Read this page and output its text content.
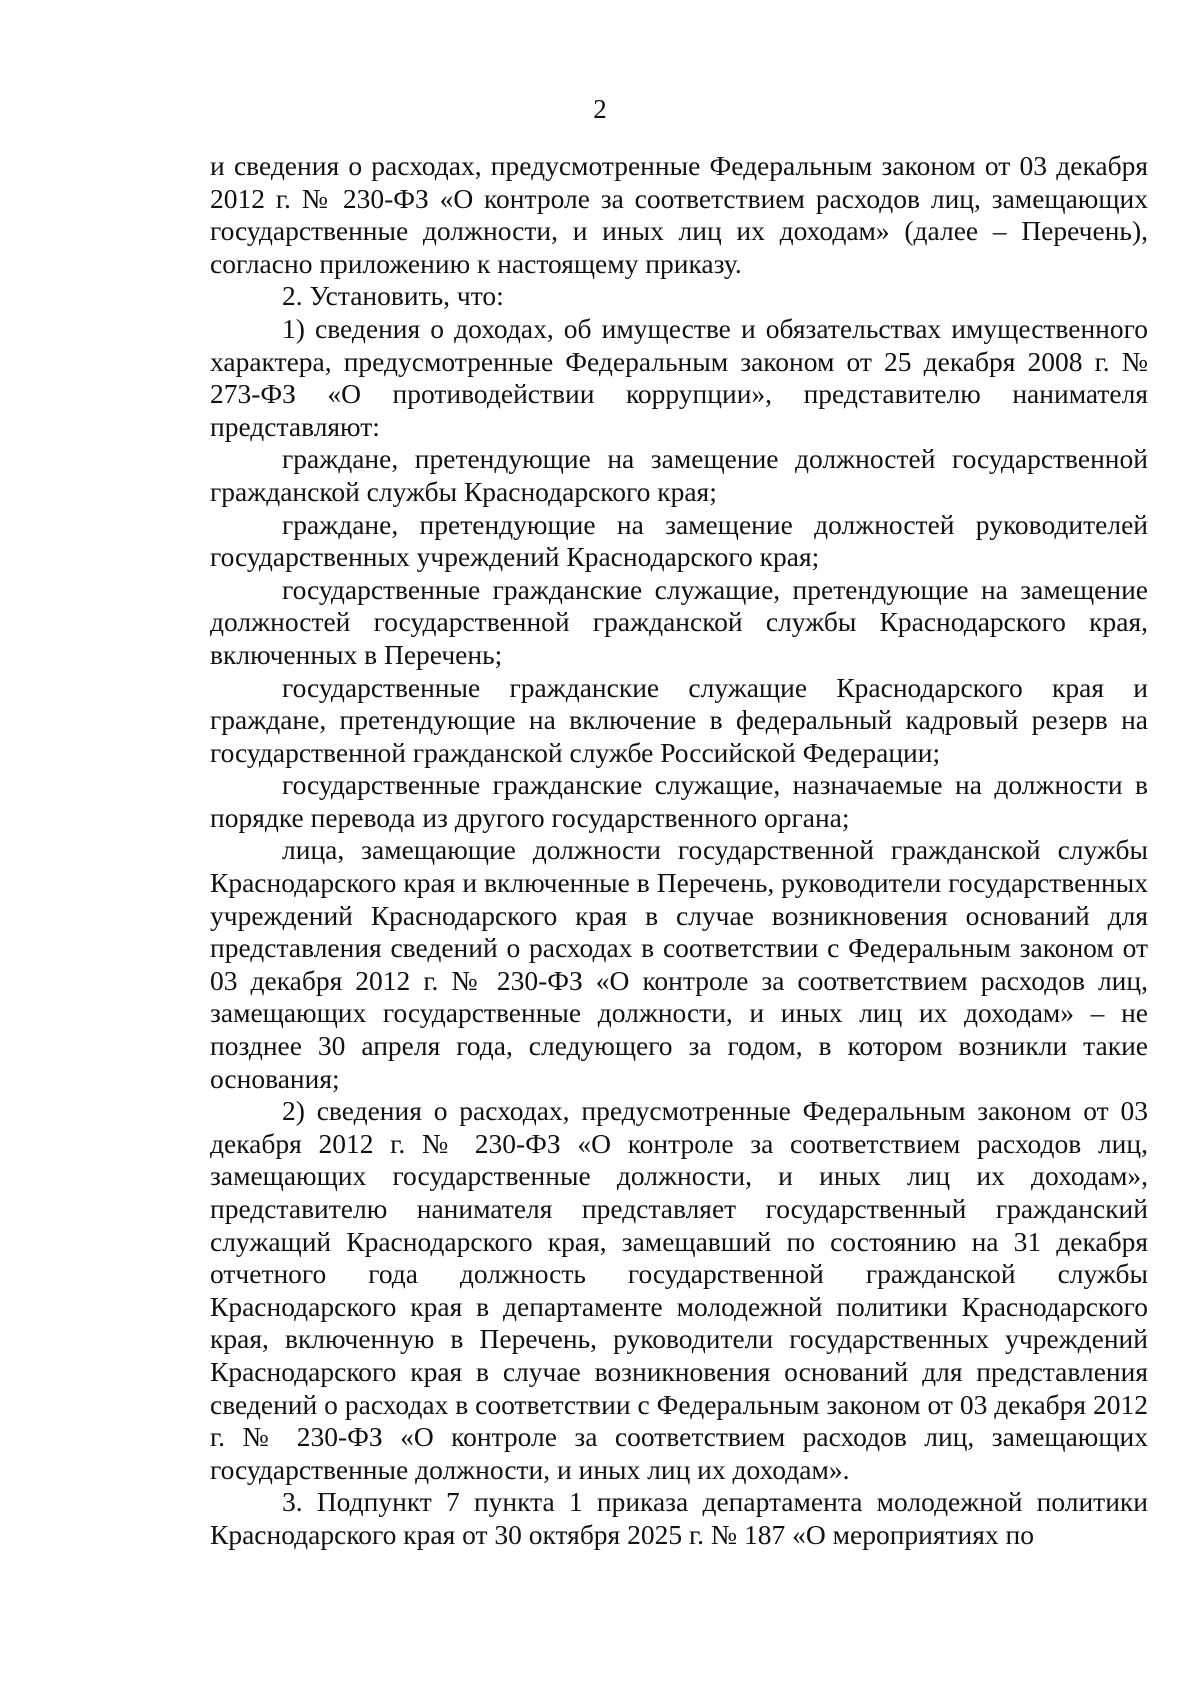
2

и сведения о расходах, предусмотренные Федеральным законом от 03 декабря 2012 г. № 230-ФЗ «О контроле за соответствием расходов лиц, замещающих государственные должности, и иных лиц их доходам» (далее – Перечень), согласно приложению к настоящему приказу.

2. Установить, что:

1) сведения о доходах, об имуществе и обязательствах имущественного характера, предусмотренные Федеральным законом от 25 декабря 2008 г. № 273-ФЗ «О противодействии коррупции», представителю нанимателя представляют:

граждане, претендующие на замещение должностей государственной гражданской службы Краснодарского края;

граждане, претендующие на замещение должностей руководителей государственных учреждений Краснодарского края;

государственные гражданские служащие, претендующие на замещение должностей государственной гражданской службы Краснодарского края, включенных в Перечень;

государственные гражданские служащие Краснодарского края и граждане, претендующие на включение в федеральный кадровый резерв на государственной гражданской службе Российской Федерации;

государственные гражданские служащие, назначаемые на должности в порядке перевода из другого государственного органа;

лица, замещающие должности государственной гражданской службы Краснодарского края и включенные в Перечень, руководители государственных учреждений Краснодарского края в случае возникновения оснований для представления сведений о расходах в соответствии с Федеральным законом от 03 декабря 2012 г. № 230-ФЗ «О контроле за соответствием расходов лиц, замещающих государственные должности, и иных лиц их доходам» – не позднее 30 апреля года, следующего за годом, в котором возникли такие основания;

2) сведения о расходах, предусмотренные Федеральным законом от 03 декабря 2012 г. № 230-ФЗ «О контроле за соответствием расходов лиц, замещающих государственные должности, и иных лиц их доходам», представителю нанимателя представляет государственный гражданский служащий Краснодарского края, замещавший по состоянию на 31 декабря отчетного года должность государственной гражданской службы Краснодарского края в департаменте молодежной политики Краснодарского края, включенную в Перечень, руководители государственных учреждений Краснодарского края в случае возникновения оснований для представления сведений о расходах в соответствии с Федеральным законом от 03 декабря 2012 г. № 230-ФЗ «О контроле за соответствием расходов лиц, замещающих государственные должности, и иных лиц их доходам».

3. Подпункт 7 пункта 1 приказа департамента молодежной политики Краснодарского края от 30 октября 2025 г. № 187 «О мероприятиях по
